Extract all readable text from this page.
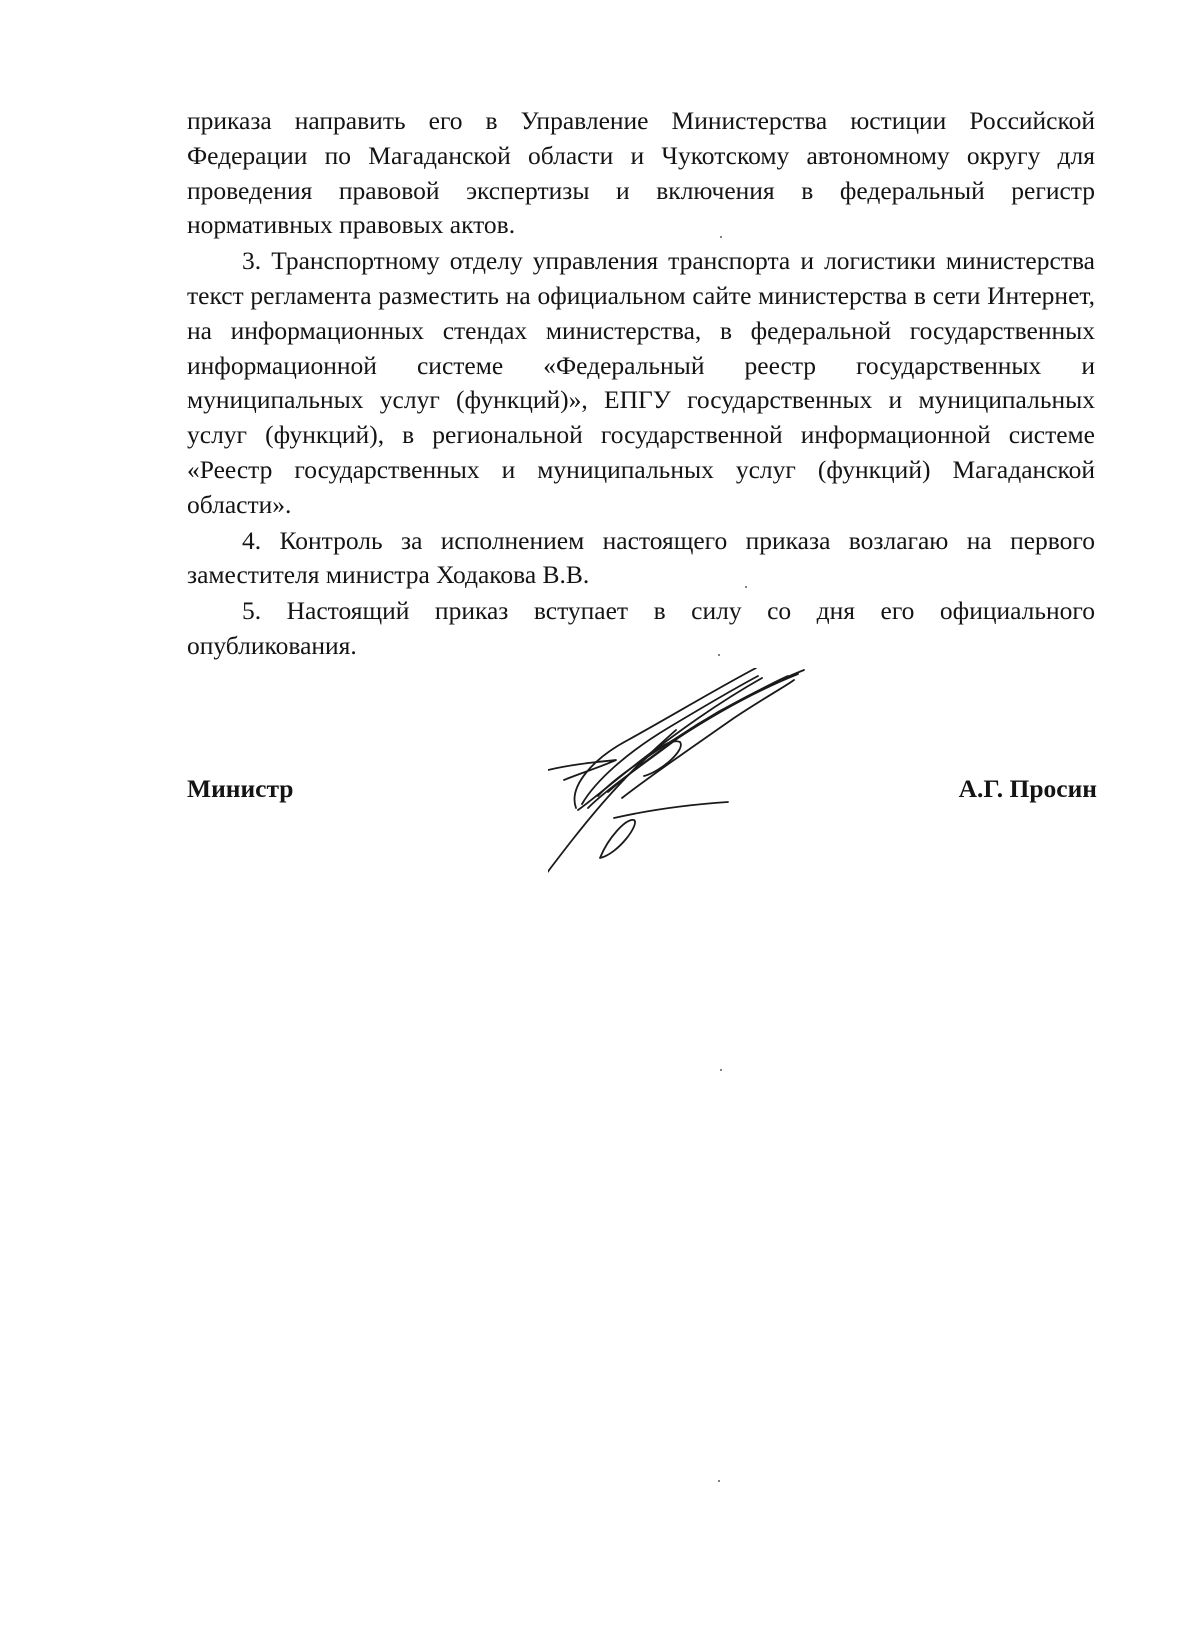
приказа направить его в Управление Министерства юстиции Российской Федерации по Магаданской области и Чукотскому автономному округу для проведения правовой экспертизы и включения в федеральный регистр нормативных правовых актов.

3. Транспортному отделу управления транспорта и логистики министерства текст регламента разместить на официальном сайте министерства в сети Интернет, на информационных стендах министерства, в федеральной государственных информационной системе «Федеральный реестр государственных и муниципальных услуг (функций)», ЕПГУ государственных и муниципальных услуг (функций), в региональной государственной информационной системе «Реестр государственных и муниципальных услуг (функций) Магаданской области».

4. Контроль за исполнением настоящего приказа возлагаю на первого заместителя министра Ходакова В.В.

5. Настоящий приказ вступает в силу со дня его официального опубликования.

Министр	А.Г. Просин
